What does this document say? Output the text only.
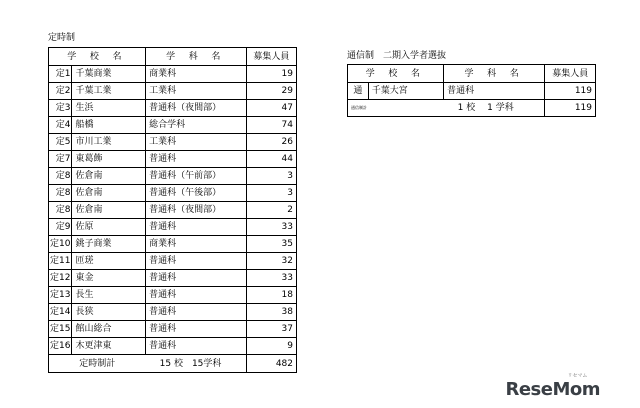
定時制
学 校 名		学 科 名	募集人員
定1	千葉商業	商業科	19
定2	千葉工業	工業科	29
定3	生浜	普通科（夜間部）	47
定4	船橋	総合学科	74
定5	市川工業	工業科	26
定7	東葛飾	普通科	44
定8	佐倉南	普通科（午前部）	3
定8	佐倉南	普通科（午後部）	3
定8	佐倉南	普通科（夜間部）	2
定9	佐原	普通科	33
定10	銚子商業	商業科	35
定11	匝瑳	普通科	32
定12	東金	普通科	33
定13	長生	普通科	18
定14	長狭	普通科	38
定15	館山総合	普通科	37
定16	木更津東	普通科	9
定時制計		15 校　15学科	482
通信制　二期入学者選抜
学 校 名		学 科 名	募集人員
通	千葉大宮	普通科	119
通信制計		1 校　 1 学科	119
ReseMom
リセマム
